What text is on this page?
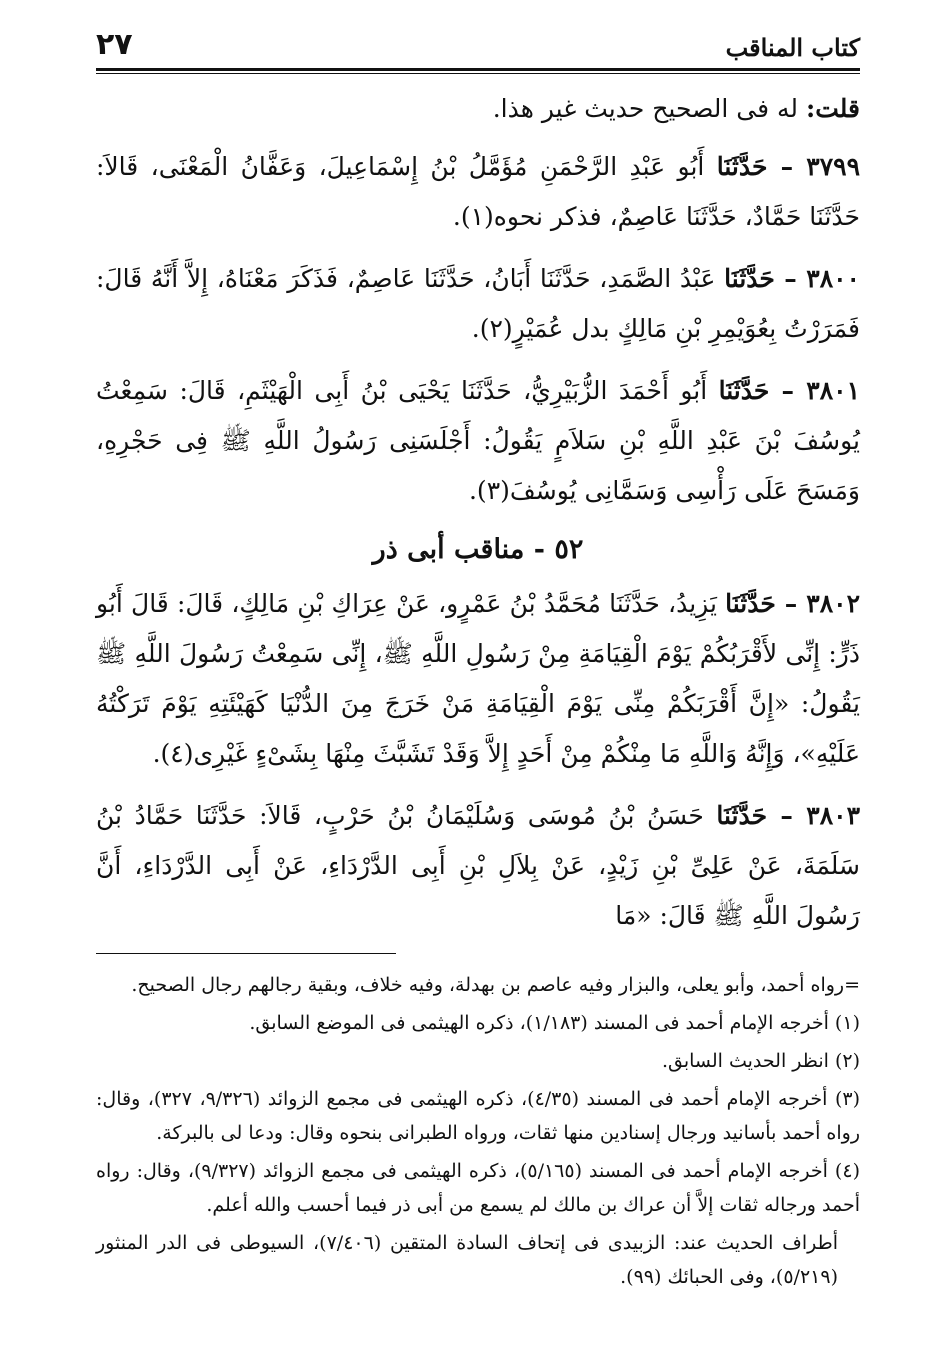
كتاب المناقب
٢٧

قلت: له فى الصحيح حديث غير هذا.

٣٧٩٩ – حَدَّثَنَا أَبُو عَبْدِ الرَّحْمَنِ مُؤَمَّلُ بْنُ إِسْمَاعِيلَ، وَعَفَّانُ الْمَعْنَى، قَالاَ: حَدَّثَنَا حَمَّادٌ، حَدَّثَنَا عَاصِمٌ، فذكر نحوه(١).

٣٨٠٠ – حَدَّثَنَا عَبْدُ الصَّمَدِ، حَدَّثَنَا أَبَانُ، حَدَّثَنَا عَاصِمٌ، فَذَكَرَ مَعْنَاهُ، إِلاَّ أَنَّهُ قَالَ: فَمَرَرْتُ بِعُوَيْمِرِ بْنِ مَالِكٍ بدل عُمَيْرٍ(٢).

٣٨٠١ – حَدَّثَنَا أَبُو أَحْمَدَ الزُّبَيْرِيُّ، حَدَّثَنَا يَحْيَى بْنُ أَبِى الْهَيْثَمِ، قَالَ: سَمِعْتُ يُوسُفَ بْنَ عَبْدِ اللَّهِ بْنِ سَلاَمٍ يَقُولُ: أَجْلَسَنِى رَسُولُ اللَّهِ ﷺ فِى حَجْرِهِ، وَمَسَحَ عَلَى رَأْسِى وَسَمَّانِى يُوسُفَ(٣).

٥٢ - مناقب أبى ذر

٣٨٠٢ – حَدَّثَنَا يَزِيدُ، حَدَّثَنَا مُحَمَّدُ بْنُ عَمْرٍو، عَنْ عِرَاكِ بْنِ مَالِكٍ، قَالَ: قَالَ أَبُو ذَرٍّ: إِنِّى لأَقْرَبُكُمْ يَوْمَ الْقِيَامَةِ مِنْ رَسُولِ اللَّهِ ﷺ، إِنِّى سَمِعْتُ رَسُولَ اللَّهِ ﷺ يَقُولُ: «إِنَّ أَقْرَبَكُمْ مِنِّى يَوْمَ الْقِيَامَةِ مَنْ خَرَجَ مِنَ الدُّنْيَا كَهَيْئَتِهِ يَوْمَ تَرَكْتُهُ عَلَيْهِ»، وَإِنَّهُ وَاللَّهِ مَا مِنْكُمْ مِنْ أَحَدٍ إِلاَّ وَقَدْ تَشَبَّثَ مِنْهَا بِشَىْءٍ غَيْرِى(٤).

٣٨٠٣ – حَدَّثَنَا حَسَنُ بْنُ مُوسَى وَسُلَيْمَانُ بْنُ حَرْبٍ، قَالاَ: حَدَّثَنَا حَمَّادُ بْنُ سَلَمَةَ، عَنْ عَلِىِّ بْنِ زَيْدٍ، عَنْ بِلاَلِ بْنِ أَبِى الدَّرْدَاءِ، عَنْ أَبِى الدَّرْدَاءِ، أَنَّ رَسُولَ اللَّهِ ﷺ قَالَ: «مَا

=رواه أحمد، وأبو يعلى، والبزار وفيه عاصم بن بهدلة، وفيه خلاف، وبقية رجالهم رجال الصحيح.

(١) أخرجه الإمام أحمد فى المسند (١/١٨٣)، ذكره الهيثمى فى الموضع السابق.

(٢) انظر الحديث السابق.

(٣) أخرجه الإمام أحمد فى المسند (٤/٣٥)، ذكره الهيثمى فى مجمع الزوائد (٩/٣٢٦، ٣٢٧)، وقال: رواه أحمد بأسانيد ورجال إسنادين منها ثقات، ورواه الطبرانى بنحوه وقال: ودعا لى بالبركة.

(٤) أخرجه الإمام أحمد فى المسند (٥/١٦٥)، ذكره الهيثمى فى مجمع الزوائد (٩/٣٢٧)، وقال: رواه أحمد ورجاله ثقات إلاَّ أن عراك بن مالك لم يسمع من أبى ذر فيما أحسب والله أعلم.

أطراف الحديث عند: الزبيدى فى إتحاف السادة المتقين (٧/٤٠٦)، السيوطى فى الدر المنثور (٥/٢١٩)، وفى الحبائك (٩٩).
